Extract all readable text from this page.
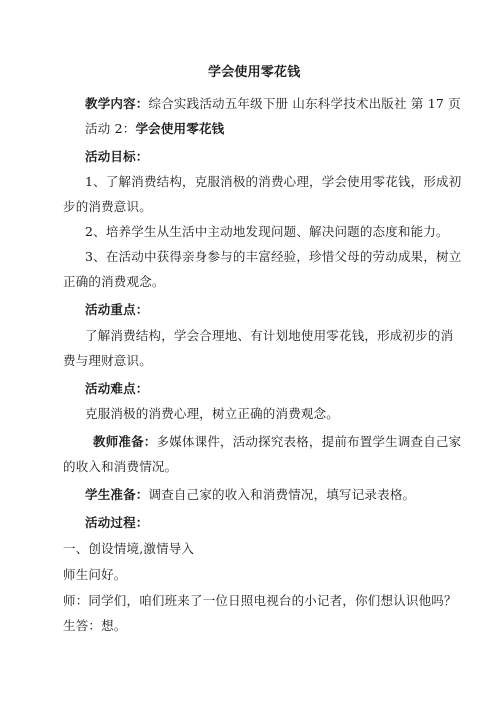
学会使用零花钱
教学内容：综合实践活动五年级下册 山东科学技术出版社 第 17 页
活动 2：学会使用零花钱
活动目标：
1、了解消费结构，克服消极的消费心理，学会使用零花钱，形成初
步的消费意识。
2、培养学生从生活中主动地发现问题、解决问题的态度和能力。
3、在活动中获得亲身参与的丰富经验，珍惜父母的劳动成果，树立
正确的消费观念。
活动重点：
了解消费结构，学会合理地、有计划地使用零花钱，形成初步的消
费与理财意识。
活动难点：
克服消极的消费心理，树立正确的消费观念。
教师准备：多媒体课件，活动探究表格，提前布置学生调查自己家
的收入和消费情况。
学生准备：调查自己家的收入和消费情况，填写记录表格。
活动过程：
一、创设情境,激情导入
师生问好。
师：同学们，咱们班来了一位日照电视台的小记者，你们想认识他吗？
生答：想。
